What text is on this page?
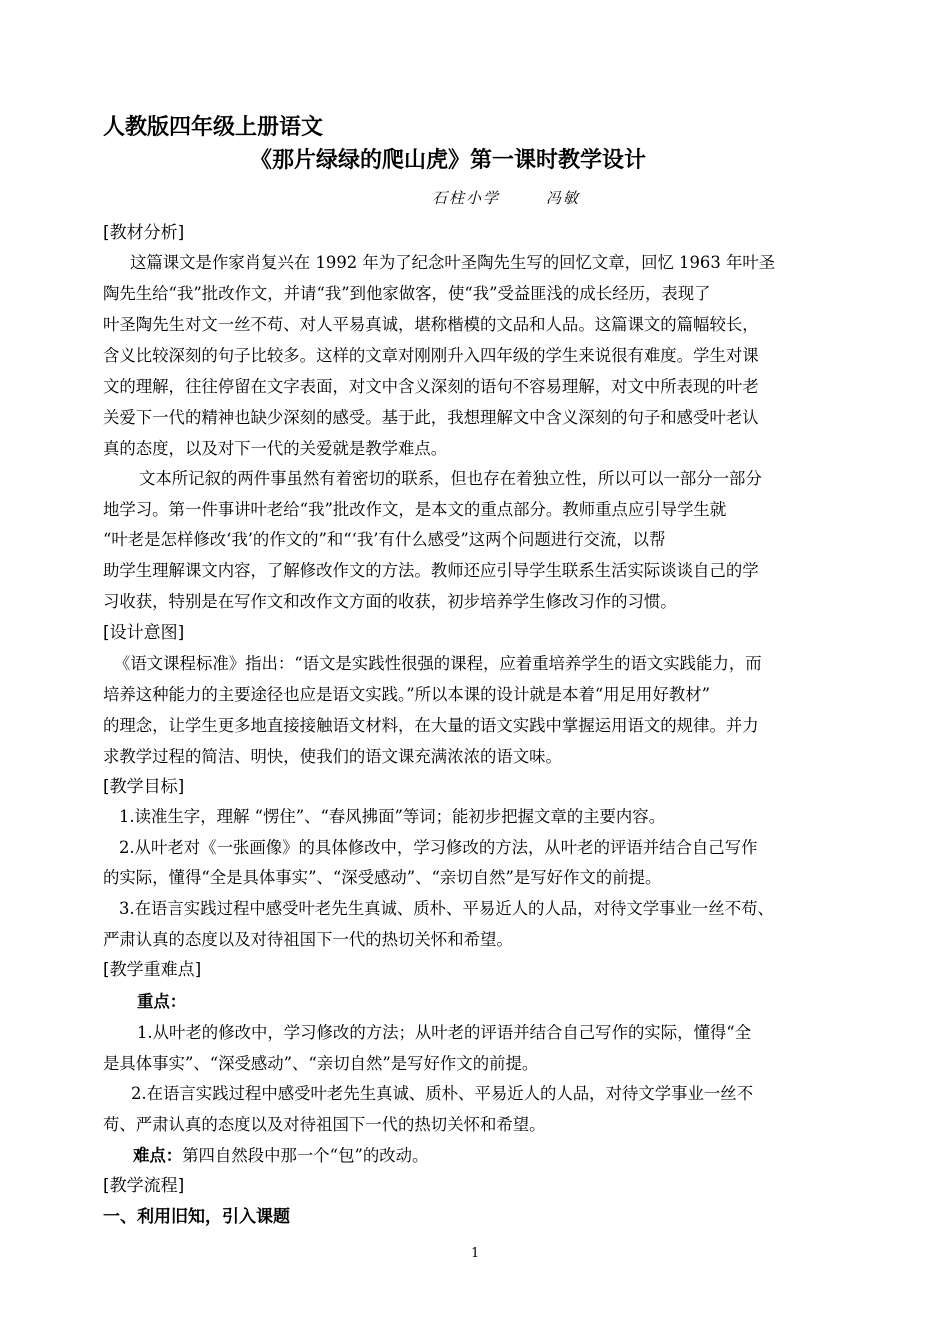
人教版四年级上册语文
《那片绿绿的爬山虎》第一课时教学设计
石柱小学	冯敏
[教材分析]
这篇课文是作家肖复兴在 1992 年为了纪念叶圣陶先生写的回忆文章，回忆 1963 年叶圣
陶先生给“我”批改作文，并请“我”到他家做客，使“我”受益匪浅的成长经历，表现了
叶圣陶先生对文一丝不苟、对人平易真诚，堪称楷模的文品和人品。这篇课文的篇幅较长，
含义比较深刻的句子比较多。这样的文章对刚刚升入四年级的学生来说很有难度。学生对课
文的理解，往往停留在文字表面，对文中含义深刻的语句不容易理解，对文中所表现的叶老
关爱下一代的精神也缺少深刻的感受。基于此，我想理解文中含义深刻的句子和感受叶老认
真的态度，以及对下一代的关爱就是教学难点。
文本所记叙的两件事虽然有着密切的联系，但也存在着独立性，所以可以一部分一部分
地学习。第一件事讲叶老给“我”批改作文，是本文的重点部分。教师重点应引导学生就
“叶老是怎样修改‘我’的作文的”和“‘我’有什么感受”这两个问题进行交流，以帮
助学生理解课文内容，了解修改作文的方法。教师还应引导学生联系生活实际谈谈自己的学
习收获，特别是在写作文和改作文方面的收获，初步培养学生修改习作的习惯。
[设计意图]
《语文课程标准》指出：“语文是实践性很强的课程，应着重培养学生的语文实践能力，而
培养这种能力的主要途径也应是语文实践。”所以本课的设计就是本着“用足用好教材”
的理念，让学生更多地直接接触语文材料，在大量的语文实践中掌握运用语文的规律。并力
求教学过程的简洁、明快，使我们的语文课充满浓浓的语文味。
[教学目标]
1.读准生字，理解 “愣住”、“春风拂面”等词；能初步把握文章的主要内容。
2.从叶老对《一张画像》的具体修改中，学习修改的方法，从叶老的评语并结合自己写作
的实际，懂得“全是具体事实”、“深受感动”、“亲切自然”是写好作文的前提。
3.在语言实践过程中感受叶老先生真诚、质朴、平易近人的人品，对待文学事业一丝不苟、
严肃认真的态度以及对待祖国下一代的热切关怀和希望。
[教学重难点]
重点：
1.从叶老的修改中，学习修改的方法；从叶老的评语并结合自己写作的实际，懂得“全
是具体事实”、“深受感动”、“亲切自然”是写好作文的前提。
2.在语言实践过程中感受叶老先生真诚、质朴、平易近人的人品，对待文学事业一丝不
苟、严肃认真的态度以及对待祖国下一代的热切关怀和希望。
难点：第四自然段中那一个“包”的改动。
[教学流程]
一、利用旧知，引入课题
1
